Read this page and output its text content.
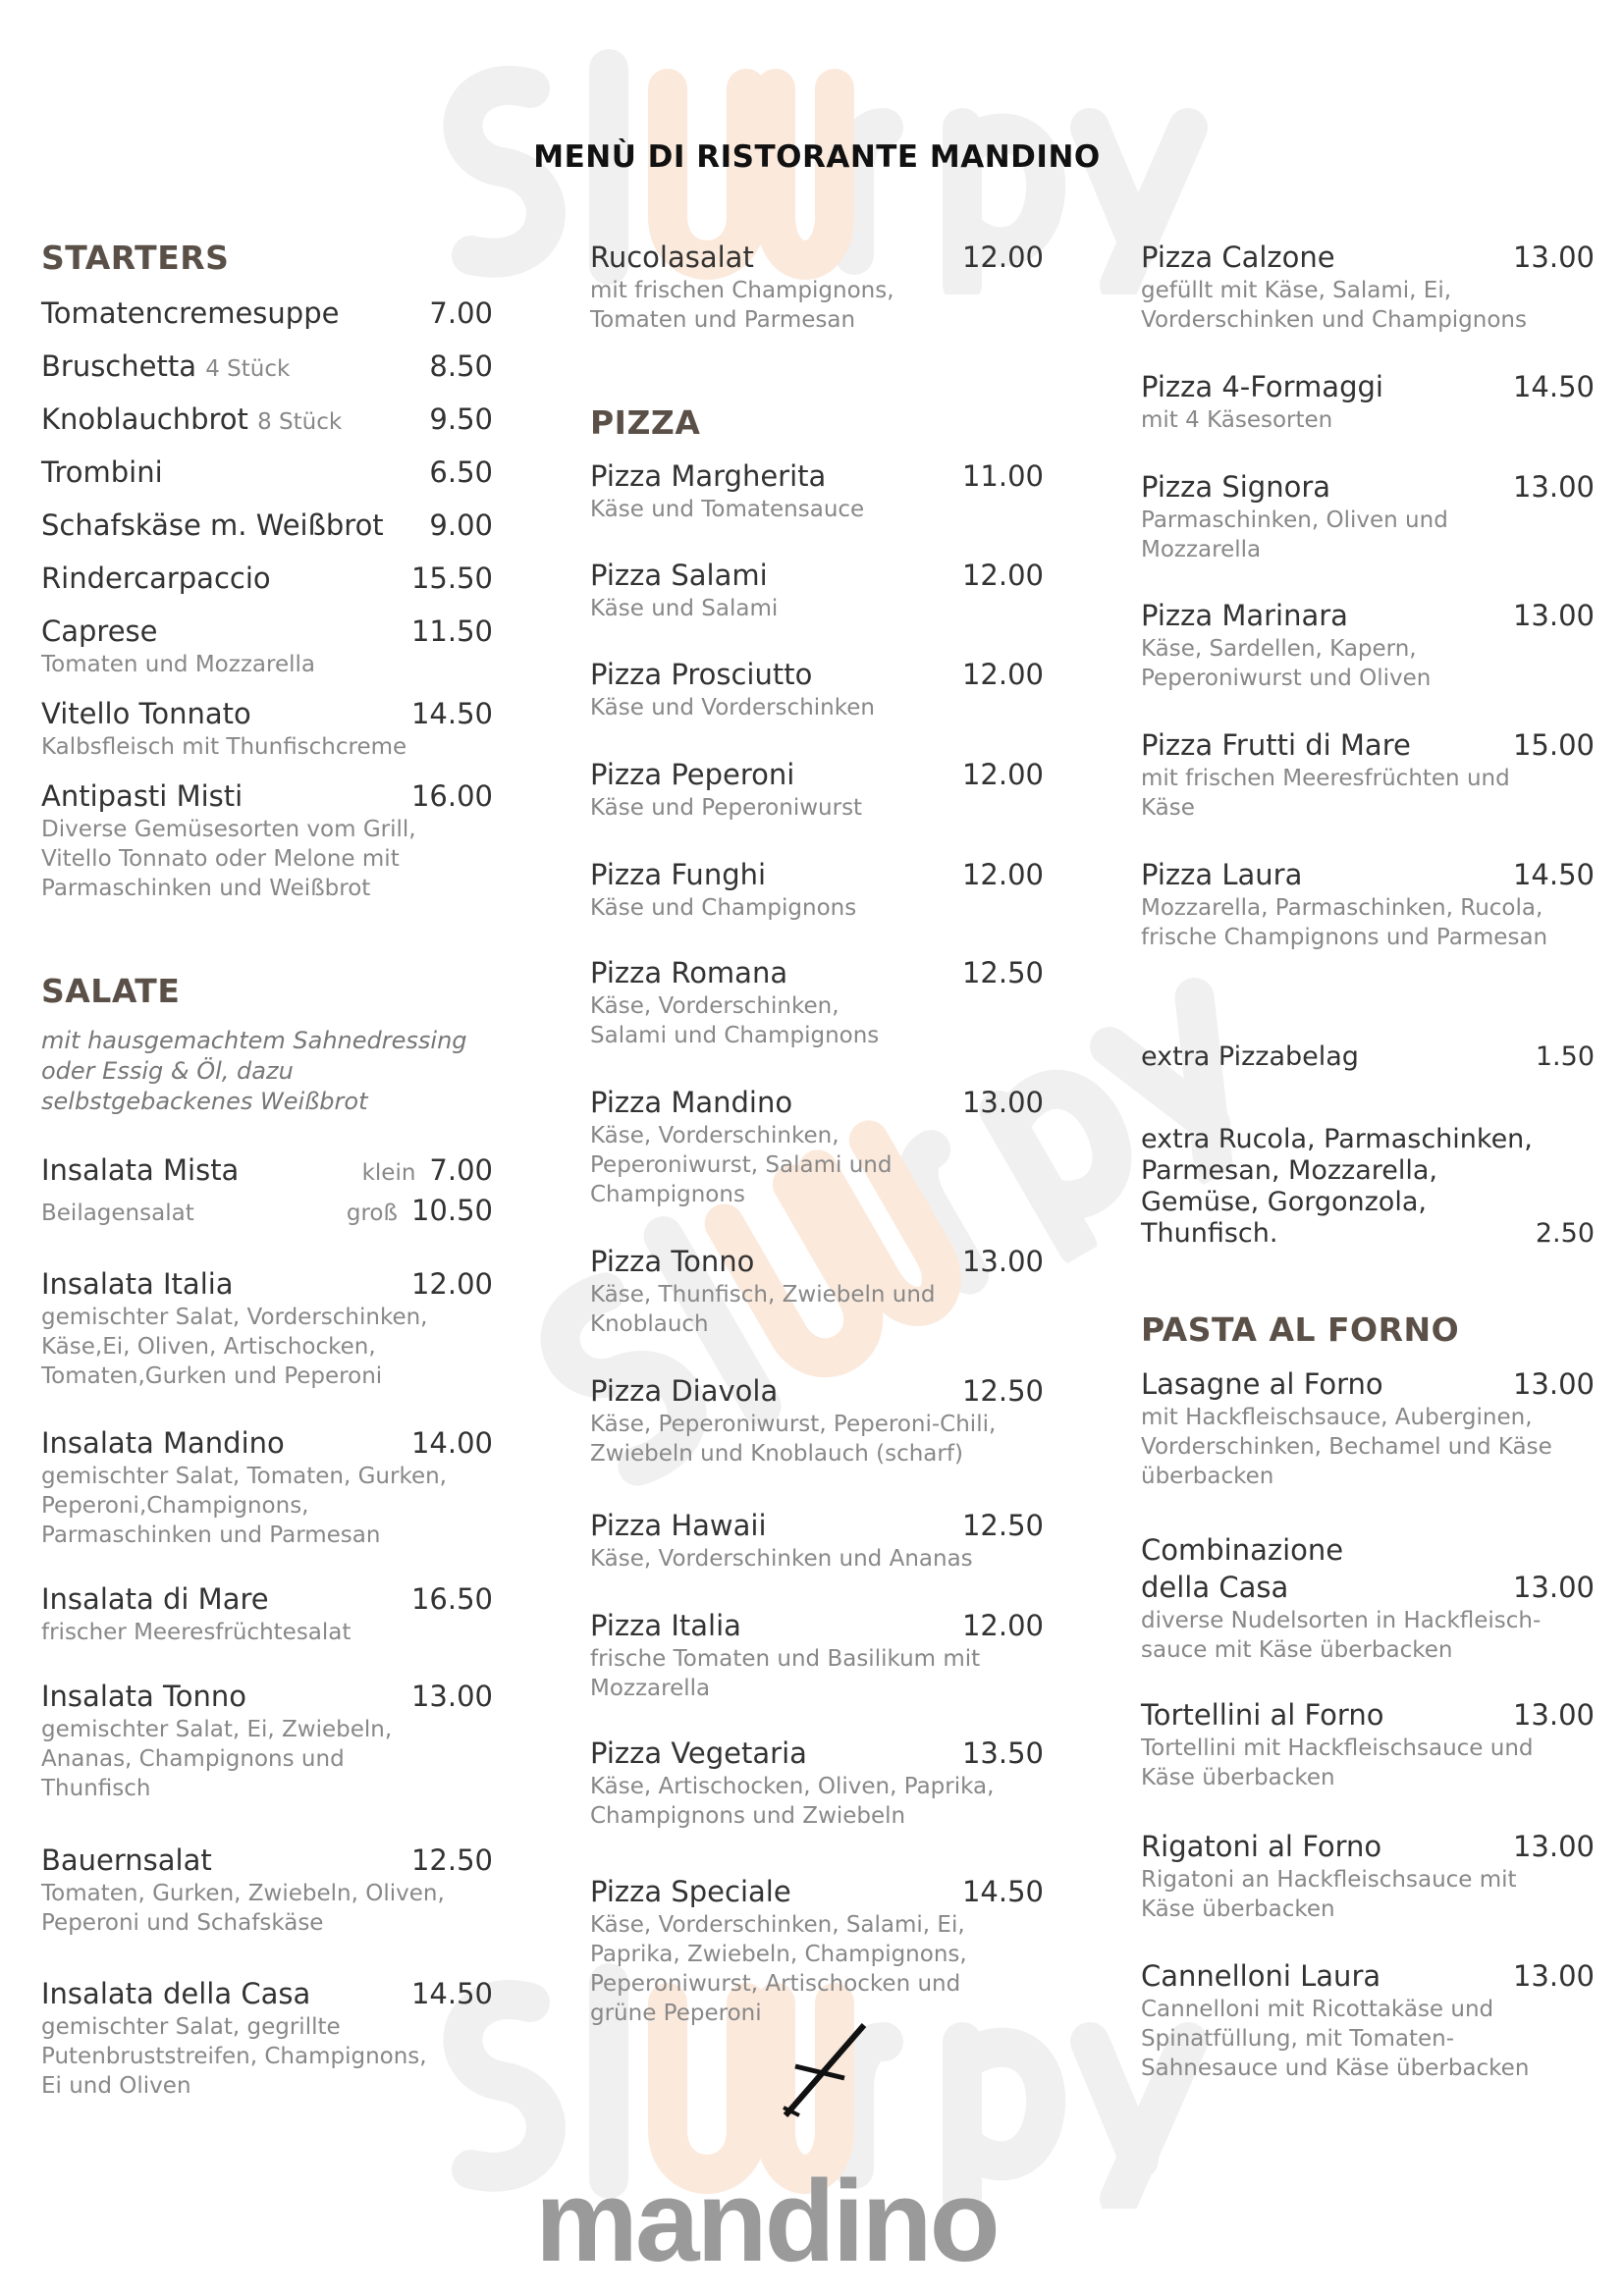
MENÙ DI RISTORANTE MANDINO
STARTERS
Tomatencremesuppe	7.00
Bruschetta 4 Stück	8.50
Knoblauchbrot 8 Stück	9.50
Trombini	6.50
Schafskäse m. Weißbrot 9.00
Rindercarpaccio	15.50
Caprese	11.50
Tomaten und Mozzarella
Vitello Tonnato	14.50
Kalbsfleisch mit Thunfischcreme
Antipasti Misti	16.00
Diverse Gemüsesorten vom Grill,
Vitello Tonnato oder Melone mit
Parmaschinken und Weißbrot
SALATE
mit hausgemachtem Sahnedressing
oder Essig & Öl, dazu
selbstgebackenes Weißbrot
Insalata Mista	klein 7.00
Beilagensalat	groß 10.50
Insalata Italia	12.00
gemischter Salat, Vorderschinken,
Käse,Ei, Oliven, Artischocken,
Tomaten,Gurken und Peperoni
Insalata Mandino	14.00
gemischter Salat, Tomaten, Gurken,
Peperoni,Champignons,
Parmaschinken und Parmesan
Insalata di Mare	16.50
frischer Meeresfrüchtesalat
Insalata Tonno	13.00
gemischter Salat, Ei, Zwiebeln,
Ananas, Champignons und
Thunfisch
Bauernsalat	12.50
Tomaten, Gurken, Zwiebeln, Oliven,
Peperoni und Schafskäse
Insalata della Casa	14.50
gemischter Salat, gegrillte
Putenbruststreifen, Champignons,
Ei und Oliven
Rucolasalat	12.00
mit frischen Champignons,
Tomaten und Parmesan
PIZZA
Pizza Margherita	11.00
Käse und Tomatensauce
Pizza Salami	12.00
Käse und Salami
Pizza Prosciutto	12.00
Käse und Vorderschinken
Pizza Peperoni	12.00
Käse und Peperoniwurst
Pizza Funghi	12.00
Käse und Champignons
Pizza Romana	12.50
Käse, Vorderschinken,
Salami und Champignons
Pizza Mandino	13.00
Käse, Vorderschinken,
Peperoniwurst, Salami und
Champignons
Pizza Tonno	13.00
Käse, Thunfisch, Zwiebeln und
Knoblauch
Pizza Diavola	12.50
Käse, Peperoniwurst, Peperoni-Chili,
Zwiebeln und Knoblauch (scharf)
Pizza Hawaii	12.50
Käse, Vorderschinken und Ananas
Pizza Italia	12.00
frische Tomaten und Basilikum mit
Mozzarella
Pizza Vegetaria	13.50
Käse, Artischocken, Oliven, Paprika,
Champignons und Zwiebeln
Pizza Speciale	14.50
Käse, Vorderschinken, Salami, Ei,
Paprika, Zwiebeln, Champignons,
Peperoniwurst, Artischocken und
grüne Peperoni
Pizza Calzone	13.00
gefüllt mit Käse, Salami, Ei,
Vorderschinken und Champignons
Pizza 4-Formaggi	14.50
mit 4 Käsesorten
Pizza Signora	13.00
Parmaschinken, Oliven und
Mozzarella
Pizza Marinara	13.00
Käse, Sardellen, Kapern,
Peperoniwurst und Oliven
Pizza Frutti di Mare	15.00
mit frischen Meeresfrüchten und
Käse
Pizza Laura	14.50
Mozzarella, Parmaschinken, Rucola,
frische Champignons und Parmesan
extra Pizzabelag	1.50
extra Rucola, Parmaschinken,
Parmesan, Mozzarella,
Gemüse, Gorgonzola,
Thunfisch.	2.50
PASTA AL FORNO
Lasagne al Forno	13.00
mit Hackfleischsauce, Auberginen,
Vorderschinken, Bechamel und Käse
überbacken
Combinazione
della Casa	13.00
diverse Nudelsorten in Hackfleisch-
sauce mit Käse überbacken
Tortellini al Forno	13.00
Tortellini mit Hackfleischsauce und
Käse überbacken
Rigatoni al Forno	13.00
Rigatoni an Hackfleischsauce mit
Käse überbacken
Cannelloni Laura	13.00
Cannelloni mit Ricottakäse und
Spinatfüllung, mit Tomaten-
Sahnesauce und Käse überbacken
mandino
